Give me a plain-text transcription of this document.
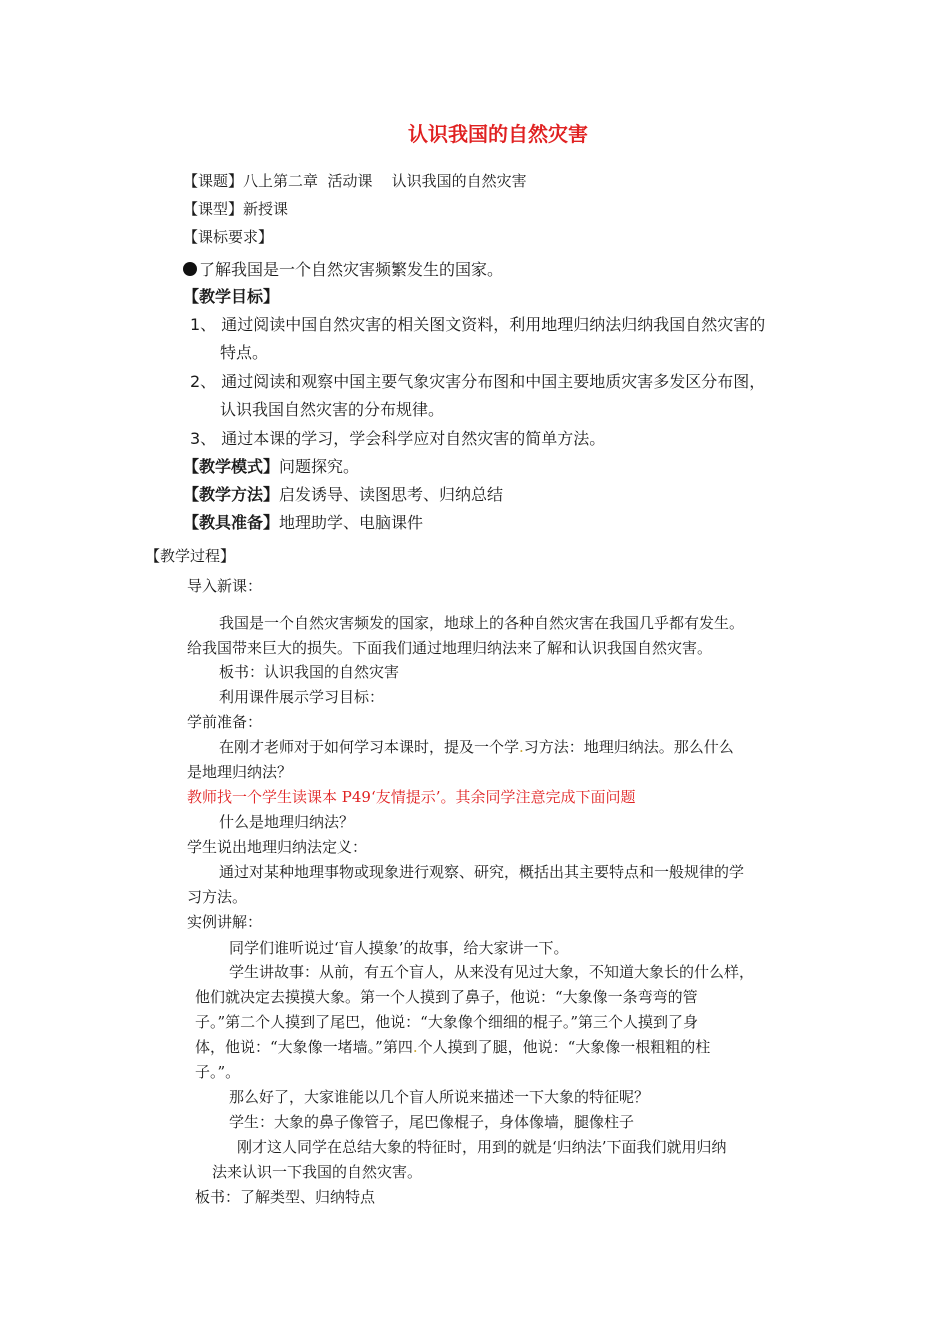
认识我国的自然灾害
【课题】八上第二章  活动课    认识我国的自然灾害
【课型】新授课
【课标要求】
了解我国是一个自然灾害频繁发生的国家。
【教学目标】
1、 通过阅读中国自然灾害的相关图文资料，利用地理归纳法归纳我国自然灾害的
特点。
2、 通过阅读和观察中国主要气象灾害分布图和中国主要地质灾害多发区分布图，
认识我国自然灾害的分布规律。
3、 通过本课的学习，学会科学应对自然灾害的简单方法。
【教学模式】问题探究。
【教学方法】启发诱导、读图思考、归纳总结
【教具准备】地理助学、电脑课件
【教学过程】
导入新课：
我国是一个自然灾害频发的国家，地球上的各种自然灾害在我国几乎都有发生。
给我国带来巨大的损失。下面我们通过地理归纳法来了解和认识我国自然灾害。
板书：认识我国的自然灾害
利用课件展示学习目标：
学前准备：
在刚才老师对于如何学习本课时，提及一个学.习方法：地理归纳法。那么什么
是地理归纳法？
教师找一个学生读课本 P49‘友情提示’。其余同学注意完成下面问题
什么是地理归纳法？
学生说出地理归纳法定义：
通过对某种地理事物或现象进行观察、研究，概括出其主要特点和一般规律的学
习方法。
实例讲解：
同学们谁听说过‘盲人摸象’的故事，给大家讲一下。
学生讲故事：从前，有五个盲人，从来没有见过大象，不知道大象长的什么样，
他们就决定去摸摸大象。第一个人摸到了鼻子，他说：“大象像一条弯弯的管
子。”第二个人摸到了尾巴，他说：“大象像个细细的棍子。”第三个人摸到了身
体，他说：“大象像一堵墙。”第四.个人摸到了腿，他说：“大象像一根粗粗的柱
子。”。
那么好了，大家谁能以几个盲人所说来描述一下大象的特征呢？
学生：大象的鼻子像管子，尾巴像棍子，身体像墙，腿像柱子
刚才这人同学在总结大象的特征时，用到的就是‘归纳法’下面我们就用归纳
法来认识一下我国的自然灾害。
板书：了解类型、归纳特点
